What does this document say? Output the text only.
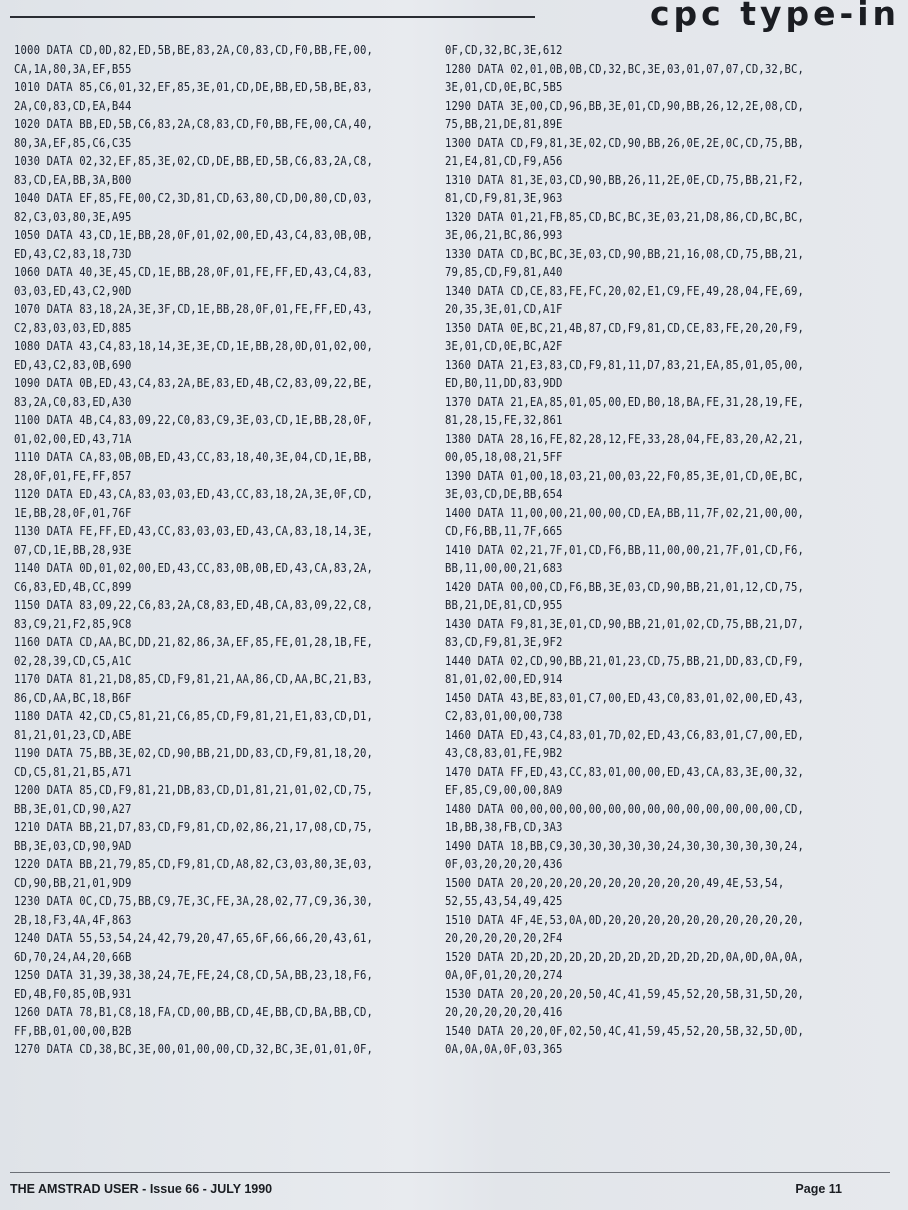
cpc type-in
1000 DATA CD,0D,82,ED,5B,BE,83,2A,C0,83,CD,F0,BB,FE,00,
CA,1A,80,3A,EF,B55
1010 DATA 85,C6,01,32,EF,85,3E,01,CD,DE,BB,ED,5B,BE,83,
2A,C0,83,CD,EA,B44
1020 DATA BB,ED,5B,C6,83,2A,C8,83,CD,F0,BB,FE,00,CA,40,
80,3A,EF,85,C6,C35
1030 DATA 02,32,EF,85,3E,02,CD,DE,BB,ED,5B,C6,83,2A,C8,
83,CD,EA,BB,3A,B00
1040 DATA EF,85,FE,00,C2,3D,81,CD,63,80,CD,D0,80,CD,03,
82,C3,03,80,3E,A95
1050 DATA 43,CD,1E,BB,28,0F,01,02,00,ED,43,C4,83,0B,0B,
ED,43,C2,83,18,73D
1060 DATA 40,3E,45,CD,1E,BB,28,0F,01,FE,FF,ED,43,C4,83,
03,03,ED,43,C2,90D
1070 DATA 83,18,2A,3E,3F,CD,1E,BB,28,0F,01,FE,FF,ED,43,
C2,83,03,03,ED,885
1080 DATA 43,C4,83,18,14,3E,3E,CD,1E,BB,28,0D,01,02,00,
ED,43,C2,83,0B,690
1090 DATA 0B,ED,43,C4,83,2A,BE,83,ED,4B,C2,83,09,22,BE,
83,2A,C0,83,ED,A30
1100 DATA 4B,C4,83,09,22,C0,83,C9,3E,03,CD,1E,BB,28,0F,
01,02,00,ED,43,71A
1110 DATA CA,83,0B,0B,ED,43,CC,83,18,40,3E,04,CD,1E,BB,
28,0F,01,FE,FF,857
1120 DATA ED,43,CA,83,03,03,ED,43,CC,83,18,2A,3E,0F,CD,
1E,BB,28,0F,01,76F
1130 DATA FE,FF,ED,43,CC,83,03,03,ED,43,CA,83,18,14,3E,
07,CD,1E,BB,28,93E
1140 DATA 0D,01,02,00,ED,43,CC,83,0B,0B,ED,43,CA,83,2A,
C6,83,ED,4B,CC,899
1150 DATA 83,09,22,C6,83,2A,C8,83,ED,4B,CA,83,09,22,C8,
83,C9,21,F2,85,9C8
1160 DATA CD,AA,BC,DD,21,82,86,3A,EF,85,FE,01,28,1B,FE,
02,28,39,CD,C5,A1C
1170 DATA 81,21,D8,85,CD,F9,81,21,AA,86,CD,AA,BC,21,B3,
86,CD,AA,BC,18,B6F
1180 DATA 42,CD,C5,81,21,C6,85,CD,F9,81,21,E1,83,CD,D1,
81,21,01,23,CD,ABE
1190 DATA 75,BB,3E,02,CD,90,BB,21,DD,83,CD,F9,81,18,20,
CD,C5,81,21,B5,A71
1200 DATA 85,CD,F9,81,21,DB,83,CD,D1,81,21,01,02,CD,75,
BB,3E,01,CD,90,A27
1210 DATA BB,21,D7,83,CD,F9,81,CD,02,86,21,17,08,CD,75,
BB,3E,03,CD,90,9AD
1220 DATA BB,21,79,85,CD,F9,81,CD,A8,82,C3,03,80,3E,03,
CD,90,BB,21,01,9D9
1230 DATA 0C,CD,75,BB,C9,7E,3C,FE,3A,28,02,77,C9,36,30,
2B,18,F3,4A,4F,863
1240 DATA 55,53,54,24,42,79,20,47,65,6F,66,66,20,43,61,
6D,70,24,A4,20,66B
1250 DATA 31,39,38,38,24,7E,FE,24,C8,CD,5A,BB,23,18,F6,
ED,4B,F0,85,0B,931
1260 DATA 78,B1,C8,18,FA,CD,00,BB,CD,4E,BB,CD,BA,BB,CD,
FF,BB,01,00,00,B2B
1270 DATA CD,38,BC,3E,00,01,00,00,CD,32,BC,3E,01,01,0F,
0F,CD,32,BC,3E,612
1280 DATA 02,01,0B,0B,CD,32,BC,3E,03,01,07,07,CD,32,BC,
3E,01,CD,0E,BC,5B5
1290 DATA 3E,00,CD,96,BB,3E,01,CD,90,BB,26,12,2E,08,CD,
75,BB,21,DE,81,89E
1300 DATA CD,F9,81,3E,02,CD,90,BB,26,0E,2E,0C,CD,75,BB,
21,E4,81,CD,F9,A56
1310 DATA 81,3E,03,CD,90,BB,26,11,2E,0E,CD,75,BB,21,F2,
81,CD,F9,81,3E,963
1320 DATA 01,21,FB,85,CD,BC,BC,3E,03,21,D8,86,CD,BC,BC,
3E,06,21,BC,86,993
1330 DATA CD,BC,BC,3E,03,CD,90,BB,21,16,08,CD,75,BB,21,
79,85,CD,F9,81,A40
1340 DATA CD,CE,83,FE,FC,20,02,E1,C9,FE,49,28,04,FE,69,
20,35,3E,01,CD,A1F
1350 DATA 0E,BC,21,4B,87,CD,F9,81,CD,CE,83,FE,20,20,F9,
3E,01,CD,0E,BC,A2F
1360 DATA 21,E3,83,CD,F9,81,11,D7,83,21,EA,85,01,05,00,
ED,B0,11,DD,83,9DD
1370 DATA 21,EA,85,01,05,00,ED,B0,18,BA,FE,31,28,19,FE,
81,28,15,FE,32,861
1380 DATA 28,16,FE,82,28,12,FE,33,28,04,FE,83,20,A2,21,
00,05,18,08,21,5FF
1390 DATA 01,00,18,03,21,00,03,22,F0,85,3E,01,CD,0E,BC,
3E,03,CD,DE,BB,654
1400 DATA 11,00,00,21,00,00,CD,EA,BB,11,7F,02,21,00,00,
CD,F6,BB,11,7F,665
1410 DATA 02,21,7F,01,CD,F6,BB,11,00,00,21,7F,01,CD,F6,
BB,11,00,00,21,683
1420 DATA 00,00,CD,F6,BB,3E,03,CD,90,BB,21,01,12,CD,75,
BB,21,DE,81,CD,955
1430 DATA F9,81,3E,01,CD,90,BB,21,01,02,CD,75,BB,21,D7,
83,CD,F9,81,3E,9F2
1440 DATA 02,CD,90,BB,21,01,23,CD,75,BB,21,DD,83,CD,F9,
81,01,02,00,ED,914
1450 DATA 43,BE,83,01,C7,00,ED,43,C0,83,01,02,00,ED,43,
C2,83,01,00,00,738
1460 DATA ED,43,C4,83,01,7D,02,ED,43,C6,83,01,C7,00,ED,
43,C8,83,01,FE,9B2
1470 DATA FF,ED,43,CC,83,01,00,00,ED,43,CA,83,3E,00,32,
EF,85,C9,00,00,8A9
1480 DATA 00,00,00,00,00,00,00,00,00,00,00,00,00,00,CD,
1B,BB,38,FB,CD,3A3
1490 DATA 18,BB,C9,30,30,30,30,30,24,30,30,30,30,30,24,
0F,03,20,20,20,436
1500 DATA 20,20,20,20,20,20,20,20,20,20,49,4E,53,54,
52,55,43,54,49,425
1510 DATA 4F,4E,53,0A,0D,20,20,20,20,20,20,20,20,20,20,
20,20,20,20,20,2F4
1520 DATA 2D,2D,2D,2D,2D,2D,2D,2D,2D,2D,2D,0A,0D,0A,0A,
0A,0F,01,20,20,274
1530 DATA 20,20,20,20,50,4C,41,59,45,52,20,5B,31,5D,20,
20,20,20,20,20,416
1540 DATA 20,20,0F,02,50,4C,41,59,45,52,20,5B,32,5D,0D,
0A,0A,0A,0F,03,365
THE AMSTRAD USER - Issue 66 - JULY 1990	Page 11
